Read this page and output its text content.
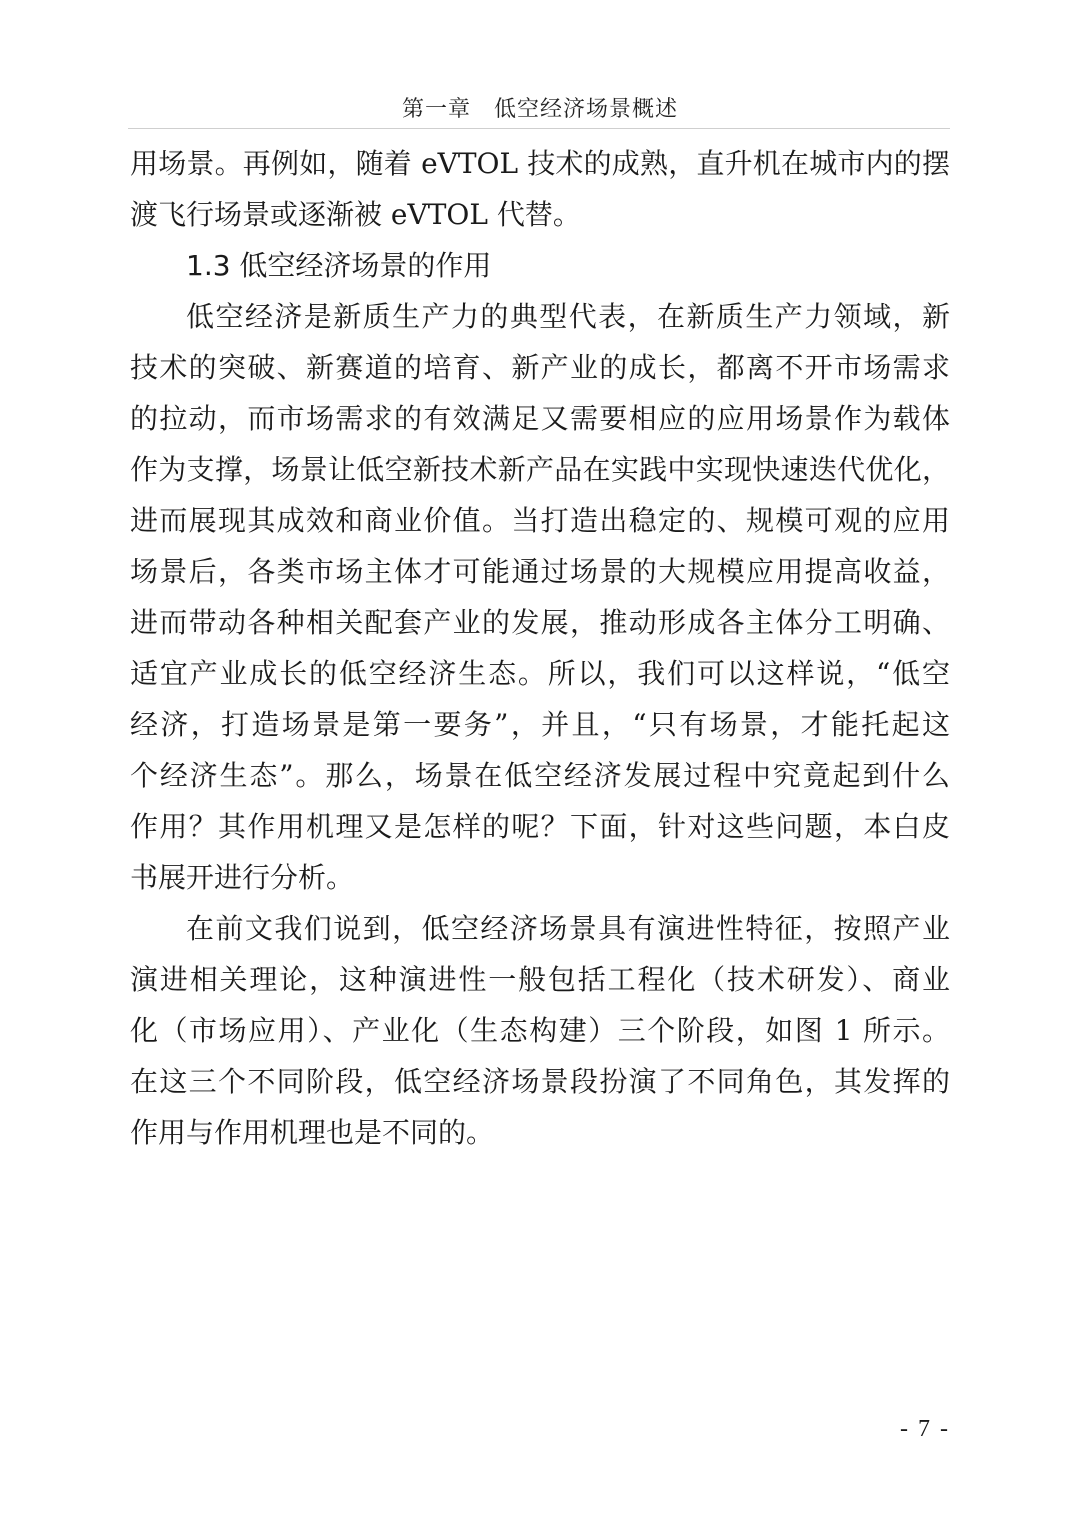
第一章　低空经济场景概述
用场景。再例如，随着 eVTOL 技术的成熟，直升机在城市内的摆
渡飞行场景或逐渐被 eVTOL 代替。
1.3 低空经济场景的作用
低空经济是新质生产力的典型代表，在新质生产力领域，新
技术的突破、新赛道的培育、新产业的成长，都离不开市场需求
的拉动，而市场需求的有效满足又需要相应的应用场景作为载体
作为支撑，场景让低空新技术新产品在实践中实现快速迭代优化，
进而展现其成效和商业价值。当打造出稳定的、规模可观的应用
场景后，各类市场主体才可能通过场景的大规模应用提高收益，
进而带动各种相关配套产业的发展，推动形成各主体分工明确、
适宜产业成长的低空经济生态。所以，我们可以这样说，“低空
经济，打造场景是第一要务”，并且，“只有场景，才能托起这
个经济生态”。那么，场景在低空经济发展过程中究竟起到什么
作用？其作用机理又是怎样的呢？下面，针对这些问题，本白皮
书展开进行分析。
在前文我们说到，低空经济场景具有演进性特征，按照产业
演进相关理论，这种演进性一般包括工程化（技术研发）、商业
化（市场应用）、产业化（生态构建）三个阶段，如图 1 所示。
在这三个不同阶段，低空经济场景段扮演了不同角色，其发挥的
作用与作用机理也是不同的。
- 7 -
